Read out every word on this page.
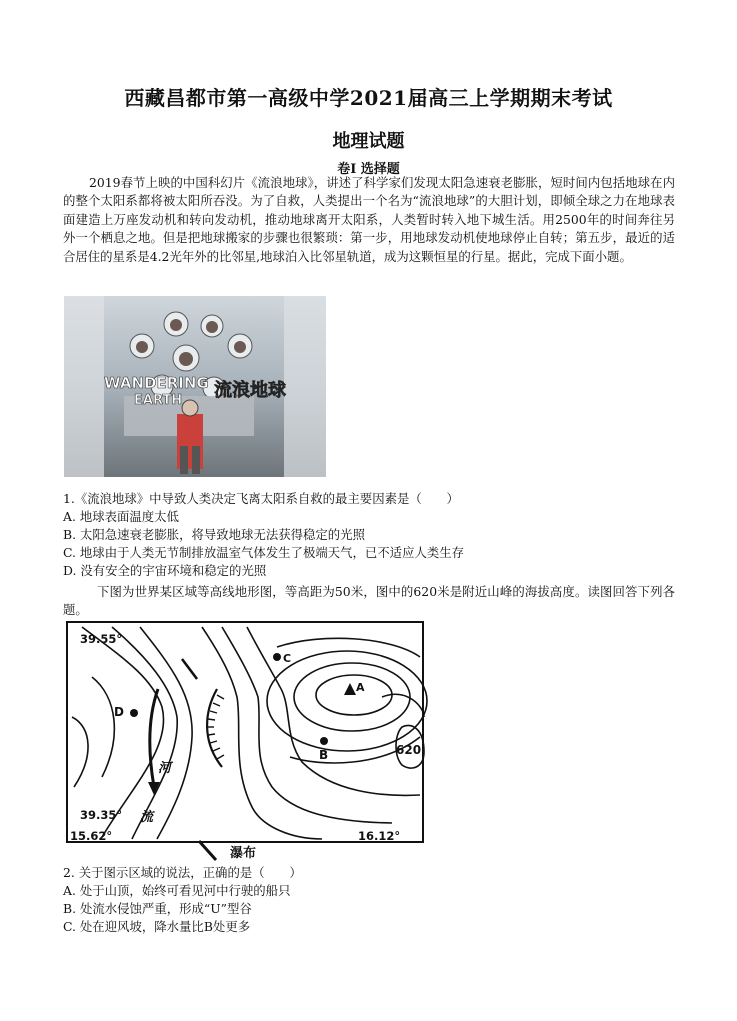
西藏昌都市第一高级中学2021届高三上学期期末考试
地理试题
卷Ⅰ 选择题
2019春节上映的中国科幻片《流浪地球》，讲述了科学家们发现太阳急速衰老膨胀，短时间内包括地球在内的整个太阳系都将被太阳所吞没。为了自救，人类提出一个名为“流浪地球”的大胆计划，即倾全球之力在地球表面建造上万座发动机和转向发动机，推动地球离开太阳系，人类暂时转入地下城生活。用2500年的时间奔往另外一个栖息之地。但是把地球搬家的步骤也很繁琐：第一步，用地球发动机使地球停止自转；第五步，最近的适合居住的星系是4.2光年外的比邻星,地球泊入比邻星轨道，成为这颗恒星的行星。据此，完成下面小题。
WANDERING
EARTH 流浪地球
1.《流浪地球》中导致人类决定飞离太阳系自救的最主要因素是（　　）
A. 地球表面温度太低
B. 太阳急速衰老膨胀，将导致地球无法获得稳定的光照
C. 地球由于人类无节制排放温室气体发生了极端天气，已不适应人类生存
D. 没有安全的宇宙环境和稳定的光照
下图为世界某区域等高线地形图，等高距为50米，图中的620米是附近山峰的海拔高度。读图回答下列各题。
39.55°
39.35°
15.62°	16.12°
C
D
A
B
河
流
620
瀑布
2. 关于图示区域的说法，正确的是（　　）
A. 处于山顶，始终可看见河中行驶的船只
B. 处流水侵蚀严重，形成“U”型谷
C. 处在迎风坡，降水量比B处更多
